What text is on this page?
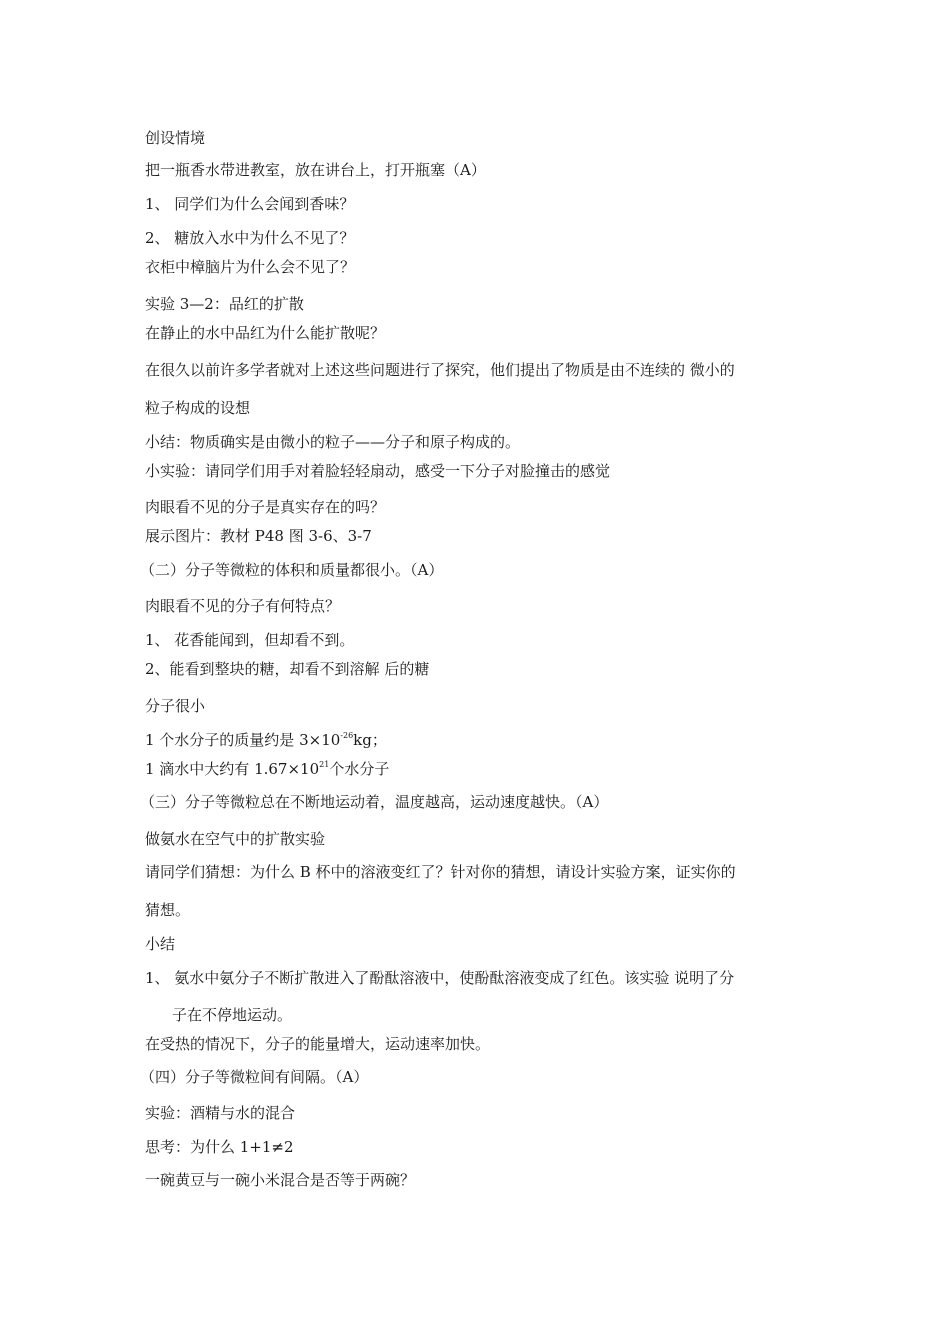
创设情境
把一瓶香水带进教室，放在讲台上，打开瓶塞（A）
1、 同学们为什么会闻到香味？
2、 糖放入水中为什么不见了？
衣柜中樟脑片为什么会不见了？
实验 3—2：品红的扩散
在静止的水中品红为什么能扩散呢？
在很久以前许多学者就对上述这些问题进行了探究，他们提出了物质是由不连续的 微小的
粒子构成的设想
小结：物质确实是由微小的粒子——分子和原子构成的。
小实验：请同学们用手对着脸轻轻扇动，感受一下分子对脸撞击的感觉
肉眼看不见的分子是真实存在的吗？
展示图片：教材 P48 图 3-6、3-7
（二）分子等微粒的体积和质量都很小。（A）
肉眼看不见的分子有何特点？
1、 花香能闻到，但却看不到。
2、能看到整块的糖，却看不到溶解 后的糖
分子很小
1 个水分子的质量约是 $3\times 10^{-26}kg$；
1 滴水中大约有 $1.67\times 10^{21}$个水分子
（三）分子等微粒总在不断地运动着，温度越高，运动速度越快。（A）
做氨水在空气中的扩散实验
请同学们猜想：为什么 B 杯中的溶液变红了？针对你的猜想，请设计实验方案，证实你的
猜想。
小结
1、 氨水中氨分子不断扩散进入了酚酞溶液中，使酚酞溶液变成了红色。该实验 说明了分
子在不停地运动。
在受热的情况下，分子的能量增大，运动速率加快。
（四）分子等微粒间有间隔。（A）
实验：酒精与水的混合
思考：为什么 1+1≠2
一碗黄豆与一碗小米混合是否等于两碗？
